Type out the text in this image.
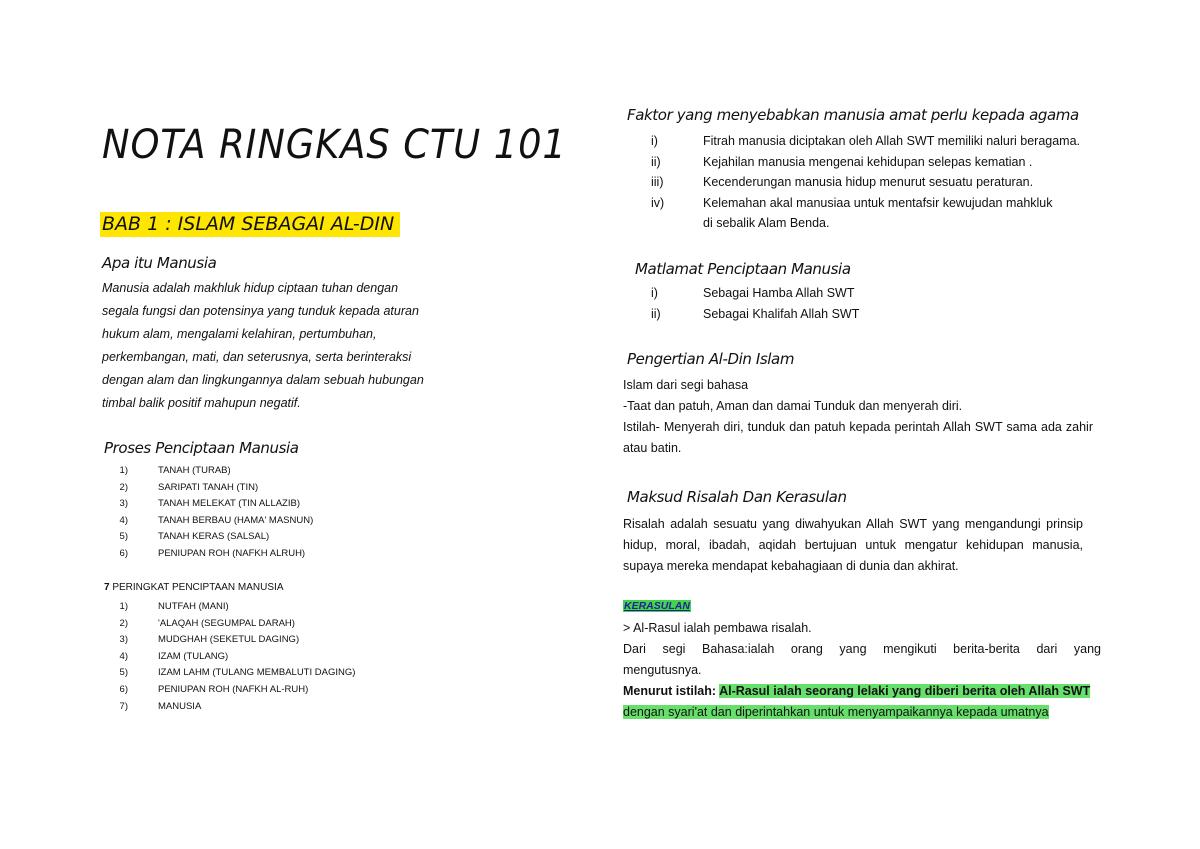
NOTA RINGKAS CTU 101
BAB 1 : ISLAM SEBAGAI AL-DIN
Apa itu Manusia
Manusia adalah makhluk hidup ciptaan tuhan dengan
segala fungsi dan potensinya yang tunduk kepada aturan
hukum alam, mengalami kelahiran, pertumbuhan,
perkembangan, mati, dan seterusnya, serta berinteraksi
dengan alam dan lingkungannya dalam sebuah hubungan
timbal balik positif mahupun negatif.
Proses Penciptaan Manusia
1)	TANAH (TURAB)
2)	SARIPATI TANAH (TIN)
3)	TANAH MELEKAT (TIN ALLAZIB)
4)	TANAH BERBAU (HAMA' MASNUN)
5)	TANAH KERAS (SALSAL)
6)	PENIUPAN ROH (NAFKH ALRUH)
7 PERINGKAT PENCIPTAAN MANUSIA
1)	NUTFAH (MANI)
2)	'ALAQAH (SEGUMPAL DARAH)
3)	MUDGHAH (SEKETUL DAGING)
4)	IZAM (TULANG)
5)	IZAM LAHM (TULANG MEMBALUTI DAGING)
6)	PENIUPAN ROH (NAFKH AL-RUH)
7)	MANUSIA
Faktor yang menyebabkan manusia amat perlu kepada agama
i)	Fitrah manusia diciptakan oleh Allah SWT memiliki naluri beragama.
ii)	Kejahilan manusia mengenai kehidupan selepas kematian .
iii)	Kecenderungan manusia hidup menurut sesuatu peraturan.
iv)	Kelemahan akal manusiaa untuk mentafsir kewujudan mahkluk di sebalik Alam Benda.
Matlamat Penciptaan Manusia
i)	Sebagai Hamba Allah SWT
ii)	Sebagai Khalifah Allah SWT
Pengertian Al-Din Islam
Islam dari segi bahasa
-Taat dan patuh, Aman dan damai Tunduk dan menyerah diri.
Istilah- Menyerah diri, tunduk dan patuh kepada perintah Allah SWT sama ada zahir atau batin.
Maksud Risalah Dan Kerasulan
Risalah adalah sesuatu yang diwahyukan Allah SWT yang mengandungi prinsip hidup, moral, ibadah, aqidah bertujuan untuk mengatur kehidupan manusia, supaya mereka mendapat kebahagiaan di dunia dan akhirat.
KERASULAN
> Al-Rasul ialah pembawa risalah.
Dari segi Bahasa:ialah orang yang mengikuti berita-berita dari yang
mengutusnya.
Menurut istilah: Al-Rasul ialah seorang lelaki yang diberi berita oleh Allah SWT
dengan syari'at dan diperintahkan untuk menyampaikannya kepada umatnya
